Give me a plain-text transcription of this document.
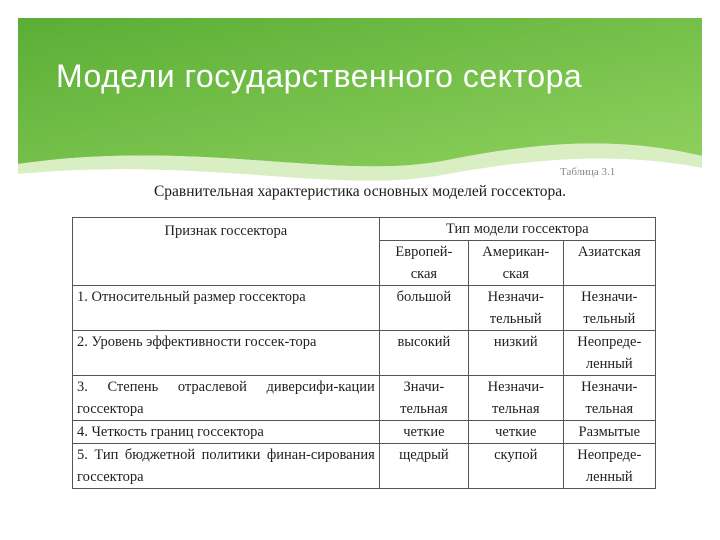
Модели государственного сектора
Таблица 3.1
Сравнительная характеристика основных моделей госсектора.
Признак госсектора	Тип модели госсектора		
	Европей-ская	Американ-ская	Азиатская
1. Относительный размер госсектора	большой	Незначи-тельный	Незначи-тельный
2. Уровень эффективности госсек-тора	высокий	низкий	Неопреде-ленный
3. Степень отраслевой диверсифи-кации госсектора	Значи-тельная	Незначи-тельная	Незначи-тельная
4. Четкость границ госсектора	четкие	четкие	Размытые
5. Тип бюджетной политики финан-сирования госсектора	щедрый	скупой	Неопреде-ленный
